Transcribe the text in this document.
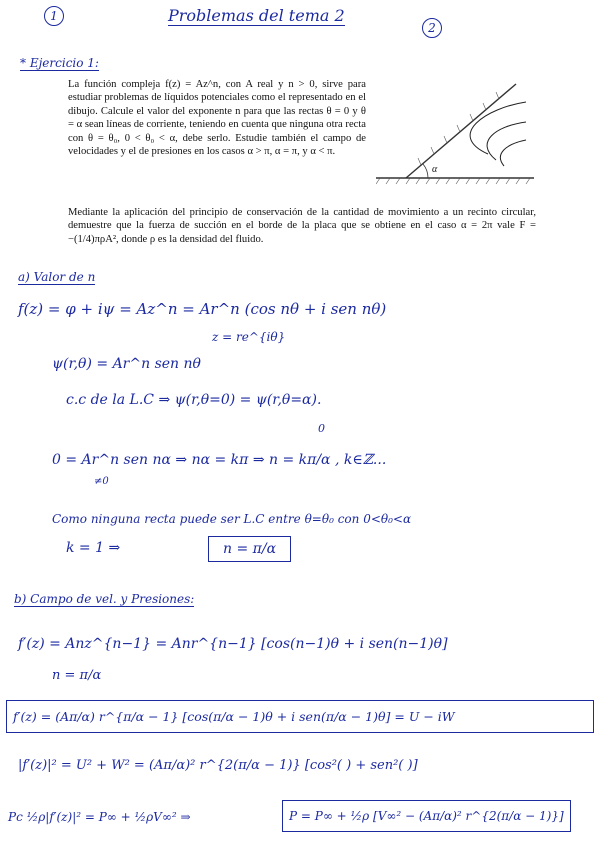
1	Problemas del tema 2
2
* Ejercicio 1:
La función compleja f(z) = Az^n, con A real y n > 0, sirve para estudiar problemas de líquidos potenciales como el representado en el dibujo. Calcule el valor del exponente n para que las rectas θ = 0 y θ = α sean líneas de corriente, teniendo en cuenta que ninguna otra recta con θ = θ₀, 0 < θ₀ < α, debe serlo. Estudie también el campo de velocidades y el de presiones en los casos α > π, α = π, y α < π.
α
Mediante la aplicación del principio de conservación de la cantidad de movimiento a un recinto circular, demuestre que la fuerza de succión en el borde de la placa que se obtiene en el caso α = 2π vale F = −(1/4)πρA², donde ρ es la densidad del fluido.
a) Valor de n
f(z) = φ + iψ = Az^n = Ar^n (cos nθ + i sen nθ)
z = re^{iθ}
ψ(r,θ) = Ar^n sen nθ
c.c de la L.C ⇒ ψ(r,θ=0) = ψ(r,θ=α).
0
0 = Ar^n sen nα ⇒ nα = kπ ⇒ n = kπ/α , k∈ℤ...
≠0
Como ninguna recta puede ser L.C entre θ=θ₀ con 0<θ₀<α
k = 1 ⇒	n = π/α
b) Campo de vel. y Presiones:
f′(z) = Anz^{n−1} = Anr^{n−1} [cos(n−1)θ + i sen(n−1)θ]
n = π/α
f′(z) = (Aπ/α) r^{π/α − 1} [cos(π/α − 1)θ + i sen(π/α − 1)θ] = U − iW
|f′(z)|² = U² + W² = (Aπ/α)² r^{2(π/α − 1)} [cos²( ) + sen²( )]
Pc ½ρ|f′(z)|² = P∞ + ½ρV∞² ⇒	P = P∞ + ½ρ [V∞² − (Aπ/α)² r^{2(π/α − 1)}]
